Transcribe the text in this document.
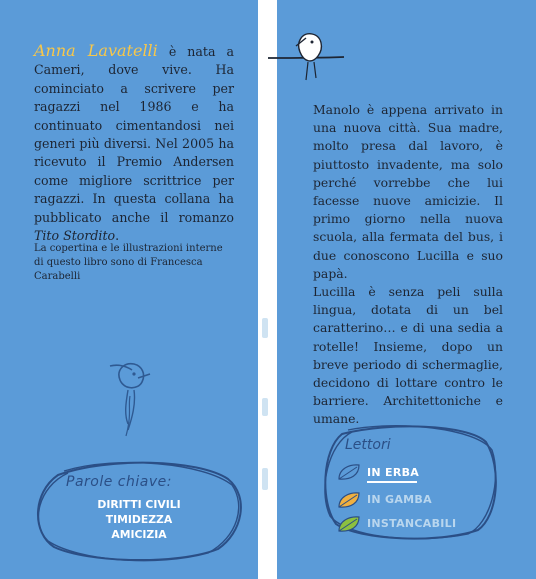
Anna Lavatelli è nata a Cameri, dove vive. Ha cominciato a scrivere per ragazzi nel 1986 e ha continuato cimentandosi nei generi più diversi. Nel 2005 ha ricevuto il Premio Andersen come migliore scrittrice per ragazzi. In questa collana ha pubblicato anche il romanzo Tito Stordito.
La copertina e le illustrazioni interne di questo libro sono di Francesca Carabelli
Parole chiave:
DIRITTI CIVILI
TIMIDEZZA
AMICIZIA
Manolo è appena arrivato in una nuova città. Sua madre, molto presa dal lavoro, è piuttosto invadente, ma solo perché vorrebbe che lui facesse nuove amicizie. Il primo giorno nella nuova scuola, alla fermata del bus, i due conoscono Lucilla e suo papà.
Lucilla è senza peli sulla lingua, dotata di un bel caratterino… e di una sedia a rotelle! Insieme, dopo un breve periodo di schermaglie, decidono di lottare contro le barriere. Architettoniche e umane.
Lettori
IN ERBA
IN GAMBA
INSTANCABILI
